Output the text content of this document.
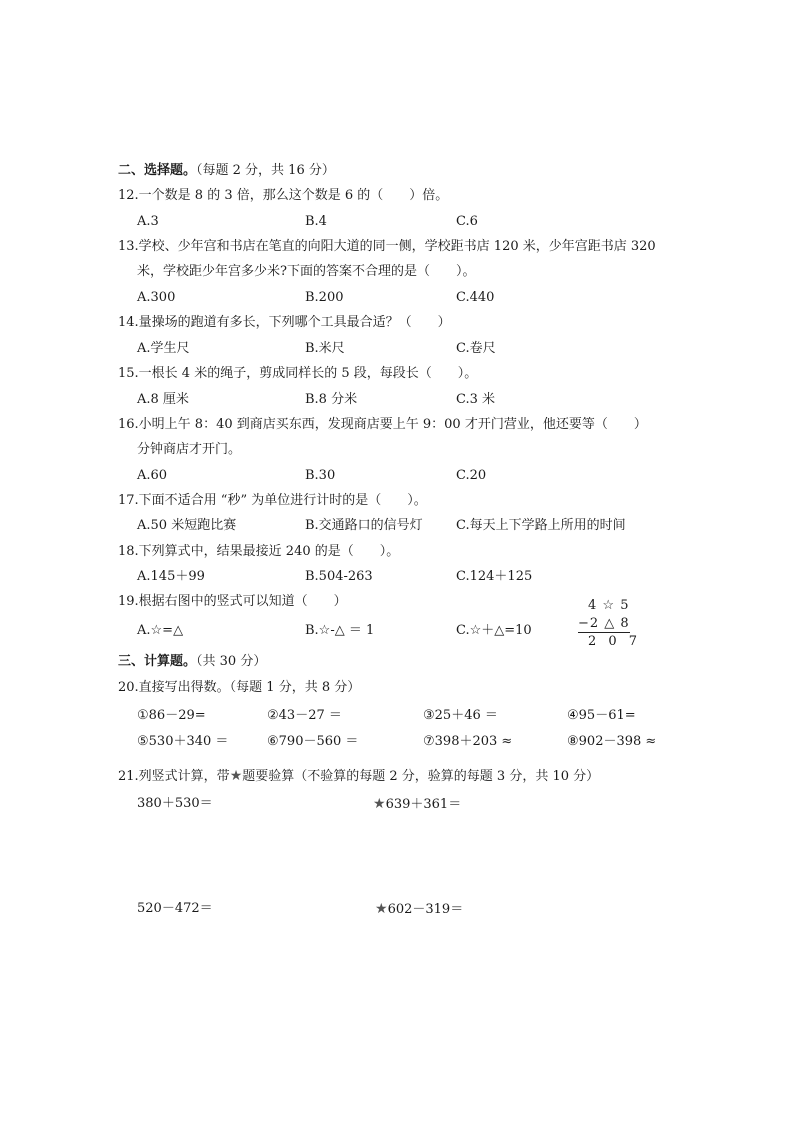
二、选择题。（每题 2 分，共 16 分）
12.一个数是 8 的 3 倍，那么这个数是 6 的（　　）倍。
A.3	B.4	C.6
13.学校、少年宫和书店在笔直的向阳大道的同一侧，学校距书店 120 米，少年宫距书店 320
米，学校距少年宫多少米?下面的答案不合理的是（　　）。
A.300	B.200	C.440
14.量操场的跑道有多长，下列哪个工具最合适？（　　）
A.学生尺	B.米尺	C.卷尺
15.一根长 4 米的绳子，剪成同样长的 5 段，每段长（　　）。
A.8 厘米	B.8 分米	C.3 米
16.小明上午 8：40 到商店买东西，发现商店要上午 9：00 才开门营业，他还要等（　　）
分钟商店才开门。
A.60	B.30	C.20
17.下面不适合用 “秒” 为单位进行计时的是（　　）。
A.50 米短跑比赛	B.交通路口的信号灯	C.每天上下学路上所用的时间
18.下列算式中，结果最接近 240 的是（　　）。
A.145＋99	B.504-263	C.124＋125
19.根据右图中的竖式可以知道（　　）
A.☆=△	B.☆-△ ＝ 1	C.☆＋△=10
4 ☆ 5
−2 △ 8
2 0 7
三、计算题。（共 30 分）
20.直接写出得数。（每题 1 分，共 8 分）
①86－29=	②43－27 ＝	③25＋46 ＝	④95－61=
⑤530＋340 ＝	⑥790－560 ＝	⑦398＋203 ≈	⑧902－398 ≈
21.列竖式计算，带★题要验算（不验算的每题 2 分，验算的每题 3 分，共 10 分）
380＋530＝	★639＋361＝
520－472＝	★602－319＝
